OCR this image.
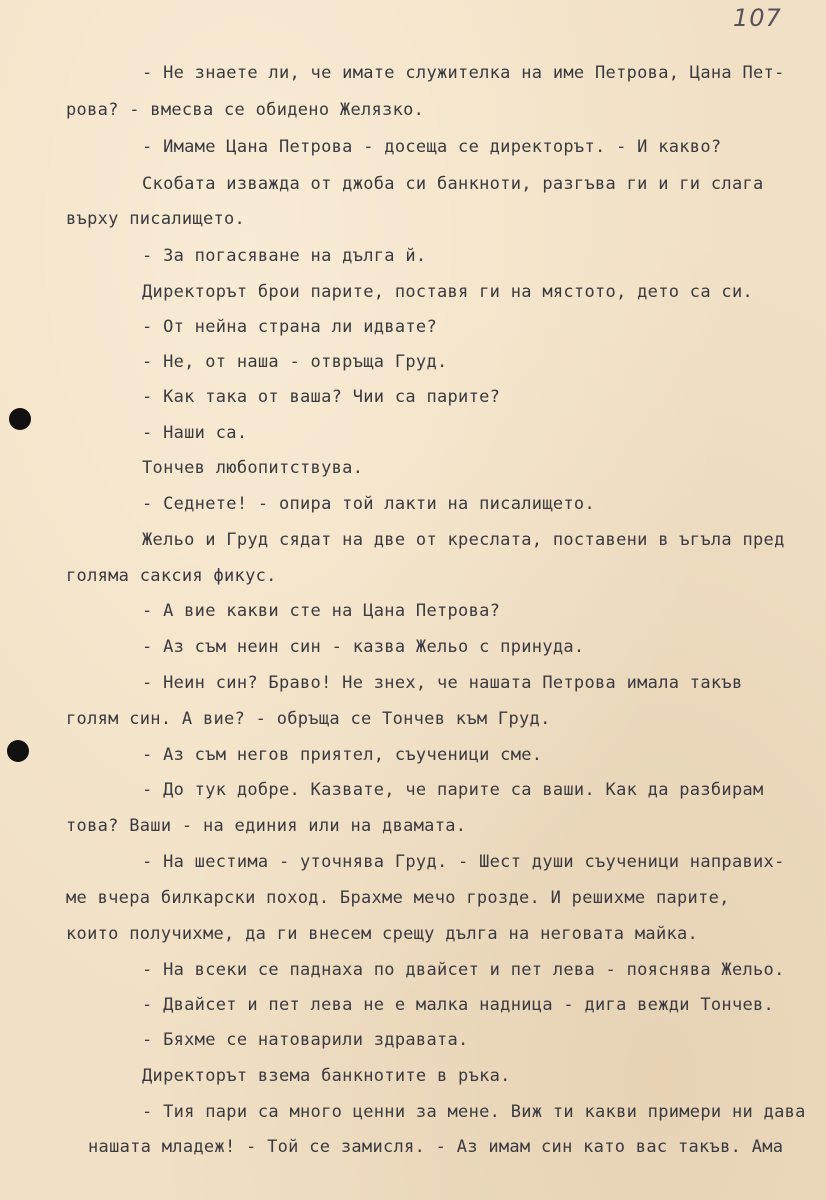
107
- Не знаете ли, че имате служителка на име Петрова, Цана Пет-
рова? - вмесва се обидено Желязко.
- Имаме Цана Петрова - досеща се директорът. - И какво?
Скобата изважда от джоба си банкноти, разгъва ги и ги слага
върху писалището.
- За погасяване на дълга й.
Директорът брои парите, поставя ги на мястото, дето са си.
- От нейна страна ли идвате?
- Не, от наша - отвръща Груд.
- Как така от ваша? Чии са парите?
- Наши са.
Тончев любопитствува.
- Седнете! - опира той лакти на писалището.
Жельо и Груд сядат на две от креслата, поставени в ъгъла пред
голяма саксия фикус.
- А вие какви сте на Цана Петрова?
- Аз съм неин син - казва Жельо с принуда.
- Неин син? Браво! Не знех, че нашата Петрова имала такъв
голям син. А вие? - обръща се Тончев към Груд.
- Аз съм негов приятел, съученици сме.
- До тук добре. Казвате, че парите са ваши. Как да разбирам
това? Ваши - на единия или на двамата.
- На шестима - уточнява Груд. - Шест души съученици направих-
ме вчера билкарски поход. Брахме мечо грозде. И решихме парите,
които получихме, да ги внесем срещу дълга на неговата майка.
- На всеки се паднаха по двайсет и пет лева - пояснява Жельо.
- Двайсет и пет лева не е малка надница - дига вежди Тончев.
- Бяхме се натоварили здравата.
Директорът взема банкнотите в ръка.
- Тия пари са много ценни за мене. Виж ти какви примери ни дава
нашата младеж! - Той се замисля. - Аз имам син като вас такъв. Ама
